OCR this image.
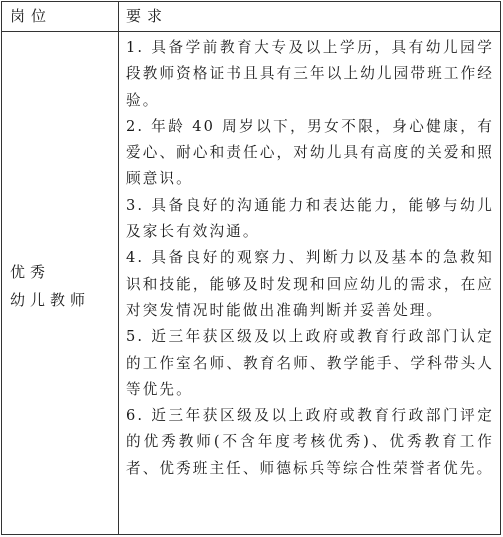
岗位	要求
优秀
幼儿教师

1. 具备学前教育大专及以上学历，具有幼儿园学段教师资格证书且具有三年以上幼儿园带班工作经验。

2. 年龄 40 周岁以下，男女不限，身心健康，有爱心、耐心和责任心，对幼儿具有高度的关爱和照顾意识。

3. 具备良好的沟通能力和表达能力，能够与幼儿及家长有效沟通。

4. 具备良好的观察力、判断力以及基本的急救知识和技能，能够及时发现和回应幼儿的需求，在应对突发情况时能做出准确判断并妥善处理。

5. 近三年获区级及以上政府或教育行政部门认定的工作室名师、教育名师、教学能手、学科带头人等优先。

6. 近三年获区级及以上政府或教育行政部门评定的优秀教师(不含年度考核优秀)、优秀教育工作者、优秀班主任、师德标兵等综合性荣誉者优先。
